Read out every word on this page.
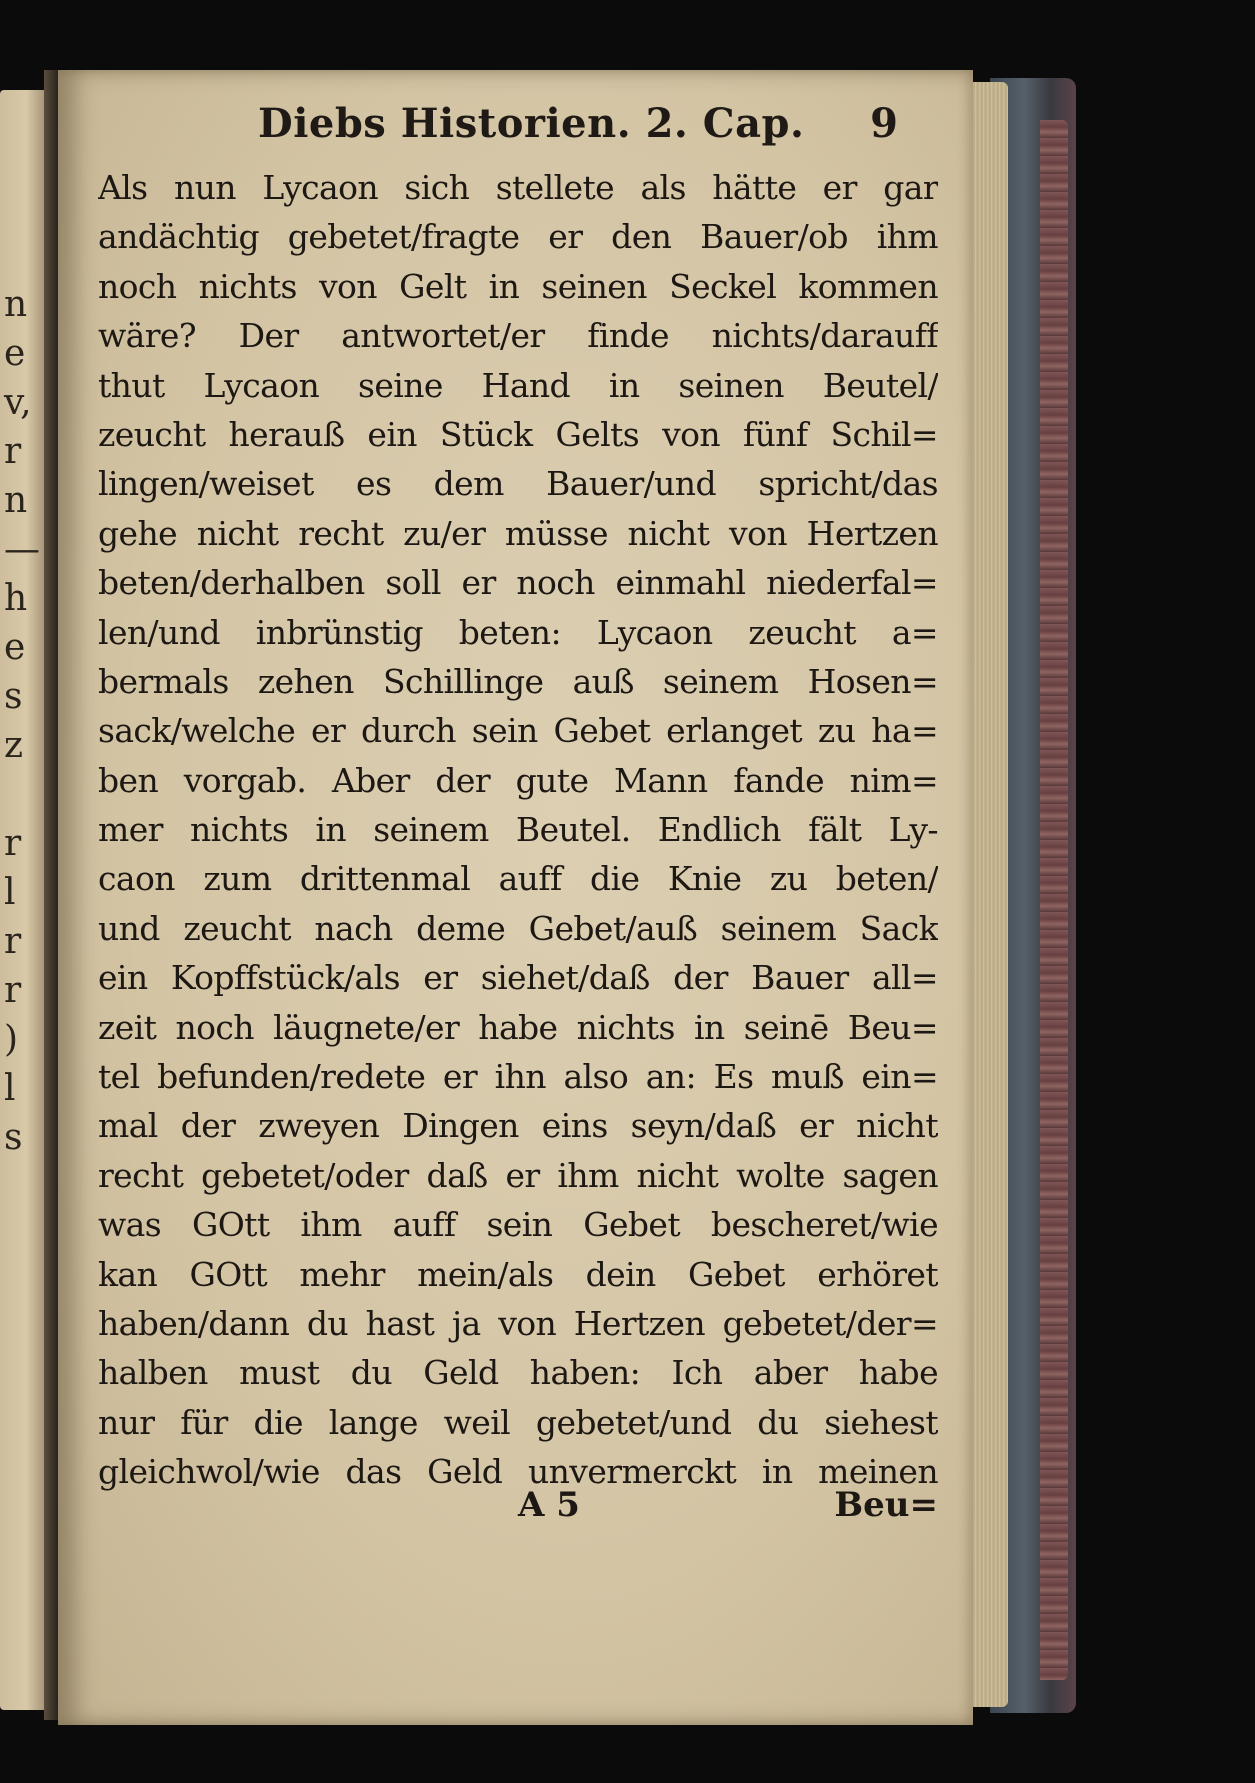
n
e
v,
r
n
—
h
e
s
z
r
l
r
r
)
l
s
Diebs Historien. 2. Cap. 9
Als nun Lycaon sich stellete als hätte er gar
andächtig gebetet/fragte er den Bauer/ob ihm
noch nichts von Gelt in seinen Seckel kommen
wäre? Der antwortet/er finde nichts/darauff
thut Lycaon seine Hand in seinen Beutel/
zeucht herauß ein Stück Gelts von fünf Schil=
lingen/weiset es dem Bauer/und spricht/das
gehe nicht recht zu/er müsse nicht von Hertzen
beten/derhalben soll er noch einmahl niederfal=
len/und inbrünstig beten: Lycaon zeucht a=
bermals zehen Schillinge auß seinem Hosen=
sack/welche er durch sein Gebet erlanget zu ha=
ben vorgab. Aber der gute Mann fande nim=
mer nichts in seinem Beutel. Endlich fält Ly-
caon zum drittenmal auff die Knie zu beten/
und zeucht nach deme Gebet/auß seinem Sack
ein Kopffstück/als er siehet/daß der Bauer all=
zeit noch läugnete/er habe nichts in seinē Beu=
tel befunden/redete er ihn also an: Es muß ein=
mal der zweyen Dingen eins seyn/daß er nicht
recht gebetet/oder daß er ihm nicht wolte sagen
was GOtt ihm auff sein Gebet bescheret/wie
kan GOtt mehr mein/als dein Gebet erhöret
haben/dann du hast ja von Hertzen gebetet/der=
halben must du Geld haben: Ich aber habe
nur für die lange weil gebetet/und du siehest
gleichwol/wie das Geld unvermerckt in meinen
A 5	Beu=
